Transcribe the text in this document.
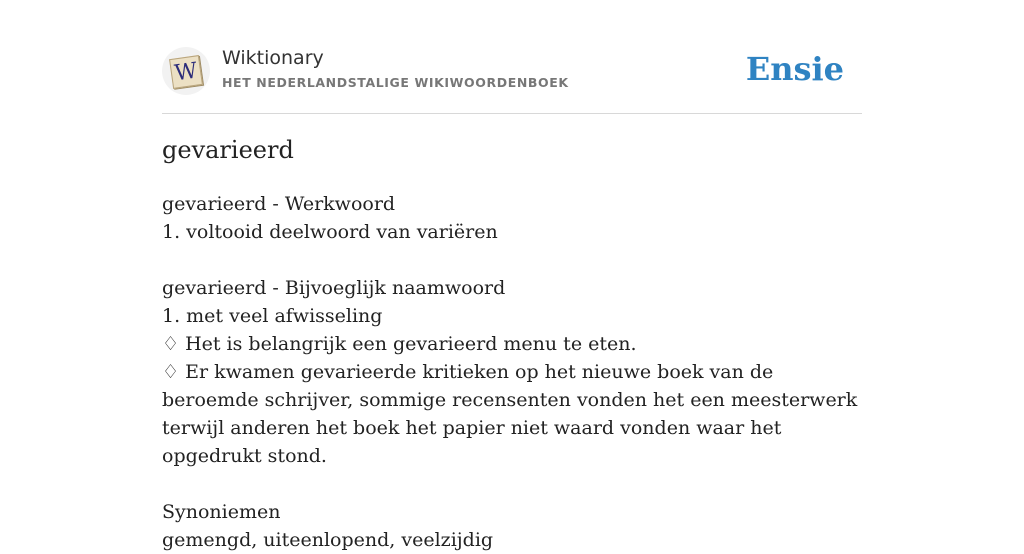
W
Wiktionary
HET NEDERLANDSTALIGE WIKIWOORDENBOEK	Ensie
gevarieerd
gevarieerd - Werkwoord
1. voltooid deelwoord van variëren
gevarieerd - Bijvoeglijk naamwoord
1. met veel afwisseling
♢ Het is belangrijk een gevarieerd menu te eten.
♢ Er kwamen gevarieerde kritieken op het nieuwe boek van de beroemde schrijver, sommige recensenten vonden het een meesterwerk terwijl anderen het boek het papier niet waard vonden waar het opgedrukt stond.
Synoniemen
gemengd, uiteenlopend, veelzijdig
